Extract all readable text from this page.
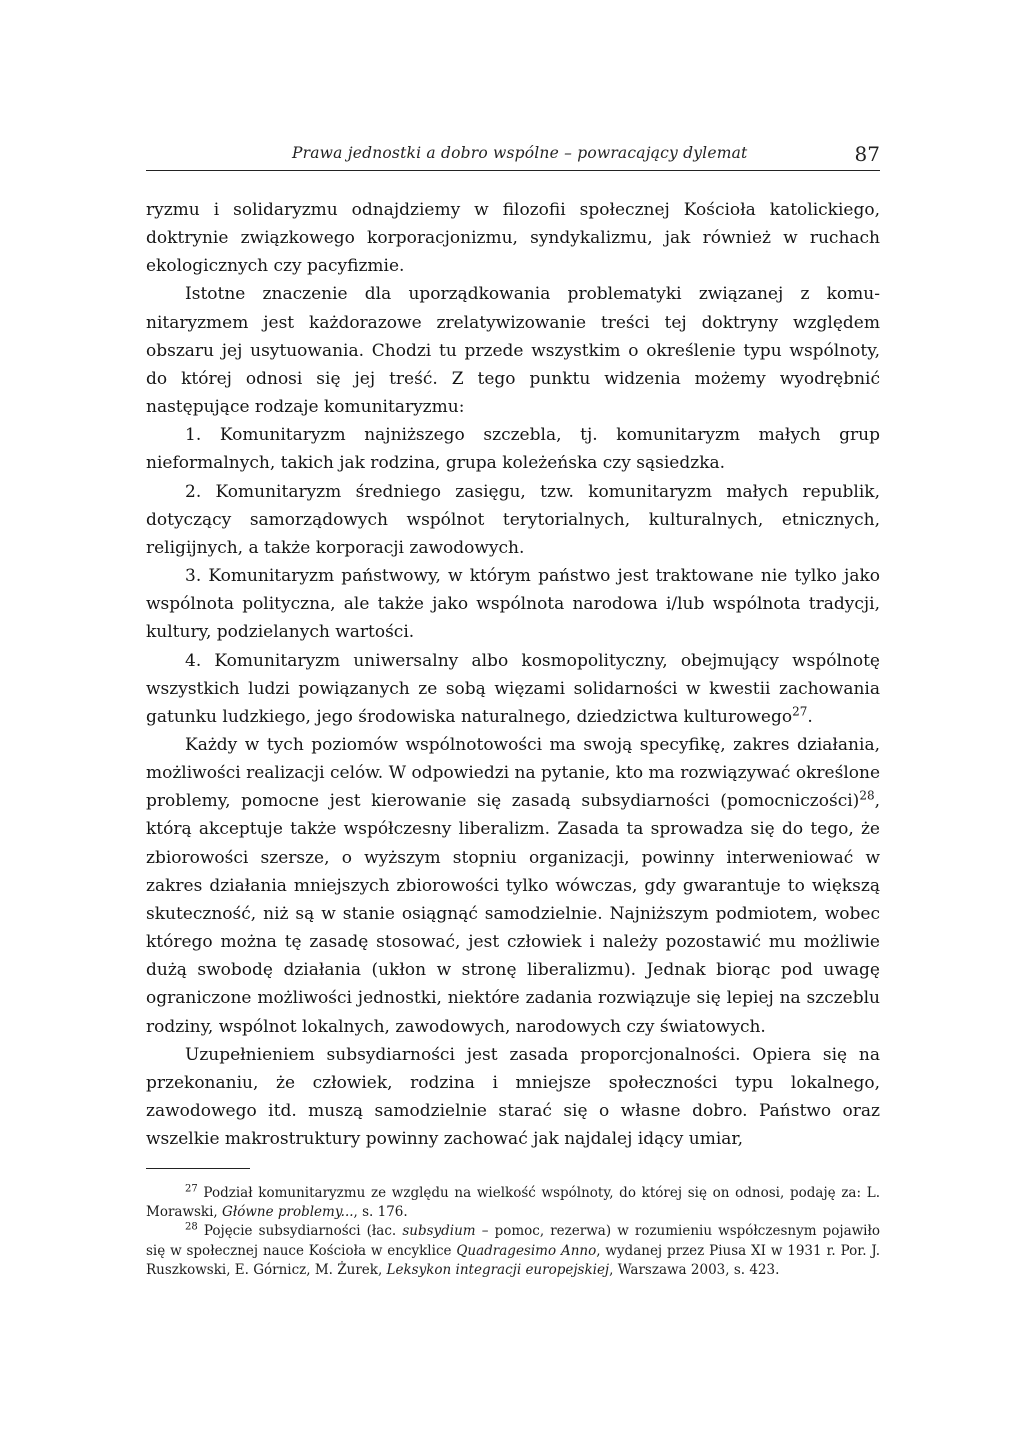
Prawa jednostki a dobro wspólne – powracający dylemat	87

ryzmu i solidaryzmu odnajdziemy w filozofii społecznej Kościoła katolickiego, doktrynie związkowego korporacjonizmu, syndykalizmu, jak również w ruchach ekologicznych czy pacyfizmie.

Istotne znaczenie dla uporządkowania problematyki związanej z komunitaryzmem jest każdorazowe zrelatywizowanie treści tej doktryny względem obszaru jej usytuowania. Chodzi tu przede wszystkim o określenie typu wspólnoty, do której odnosi się jej treść. Z tego punktu widzenia możemy wyodrębnić następujące rodzaje komunitaryzmu:

1. Komunitaryzm najniższego szczebla, tj. komunitaryzm małych grup nieformalnych, takich jak rodzina, grupa koleżeńska czy sąsiedzka.

2. Komunitaryzm średniego zasięgu, tzw. komunitaryzm małych republik, dotyczący samorządowych wspólnot terytorialnych, kulturalnych, etnicznych, religijnych, a także korporacji zawodowych.

3. Komunitaryzm państwowy, w którym państwo jest traktowane nie tylko jako wspólnota polityczna, ale także jako wspólnota narodowa i/lub wspólnota tradycji, kultury, podzielanych wartości.

4. Komunitaryzm uniwersalny albo kosmopolityczny, obejmujący wspólnotę wszystkich ludzi powiązanych ze sobą więzami solidarności w kwestii zachowania gatunku ludzkiego, jego środowiska naturalnego, dziedzictwa kulturowego$^{27}$.

Każdy w tych poziomów wspólnotowości ma swoją specyfikę, zakres działania, możliwości realizacji celów. W odpowiedzi na pytanie, kto ma rozwiązywać określone problemy, pomocne jest kierowanie się zasadą subsydiarności (pomocniczości)$^{28}$, którą akceptuje także współczesny liberalizm. Zasada ta sprowadza się do tego, że zbiorowości szersze, o wyższym stopniu organizacji, powinny interweniować w zakres działania mniejszych zbiorowości tylko wówczas, gdy gwarantuje to większą skuteczność, niż są w stanie osiągnąć samodzielnie. Najniższym podmiotem, wobec którego można tę zasadę stosować, jest człowiek i należy pozostawić mu możliwie dużą swobodę działania (ukłon w stronę liberalizmu). Jednak biorąc pod uwagę ograniczone możliwości jednostki, niektóre zadania rozwiązuje się lepiej na szczeblu rodziny, wspólnot lokalnych, zawodowych, narodowych czy światowych.

Uzupełnieniem subsydiarności jest zasada proporcjonalności. Opiera się na przekonaniu, że człowiek, rodzina i mniejsze społeczności typu lokalnego, zawodowego itd. muszą samodzielnie starać się o własne dobro. Państwo oraz wszelkie makrostruktury powinny zachować jak najdalej idący umiar,

$^{27}$ Podział komunitaryzmu ze względu na wielkość wspólnoty, do której się on odnosi, podaję za: L. Morawski, Główne problemy..., s. 176.

$^{28}$ Pojęcie subsydiarności (łac. subsydium – pomoc, rezerwa) w rozumieniu współczesnym pojawiło się w społecznej nauce Kościoła w encyklice Quadragesimo Anno, wydanej przez Piusa XI w 1931 r. Por. J. Ruszkowski, E. Górnicz, M. Żurek, Leksykon integracji europejskiej, Warszawa 2003, s. 423.
